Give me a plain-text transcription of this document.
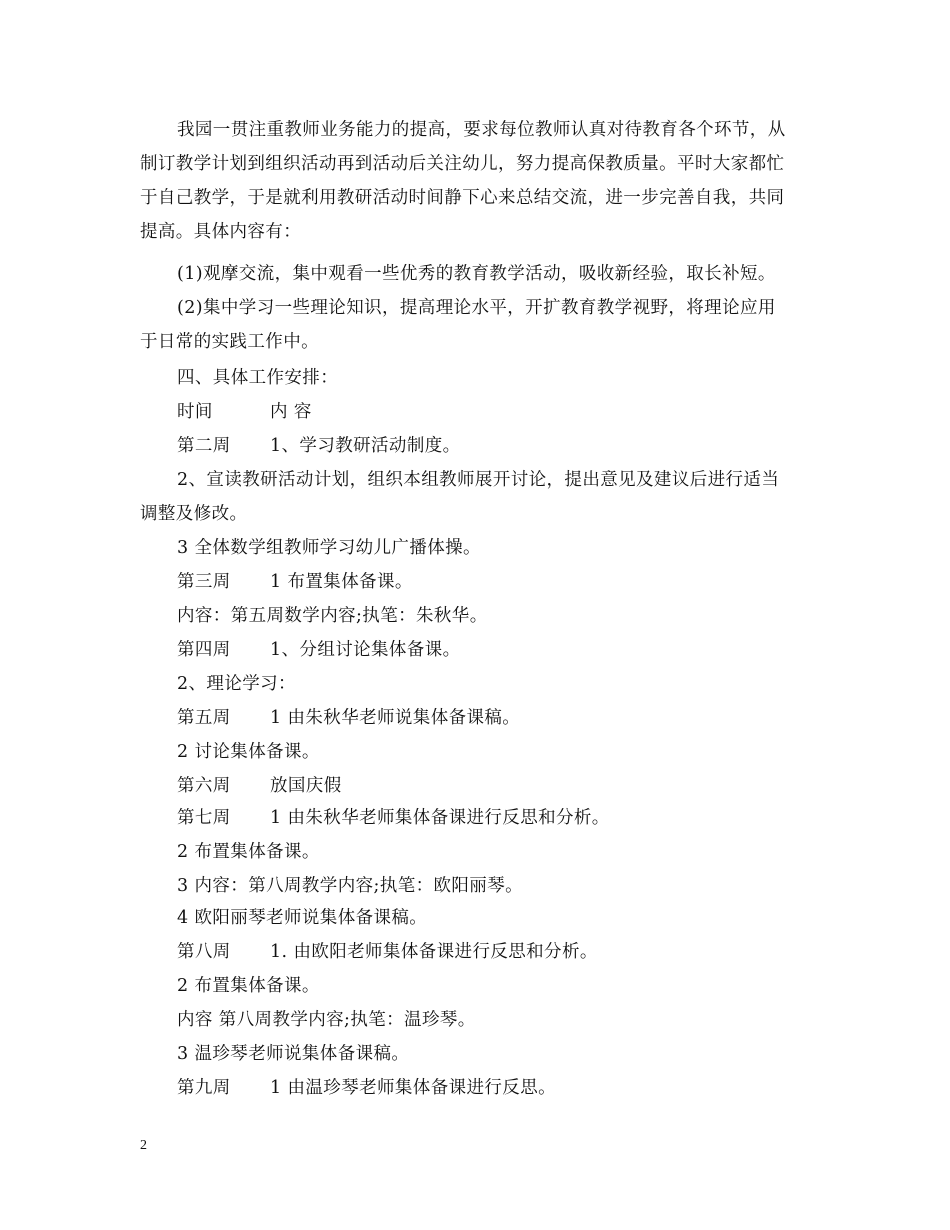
我园一贯注重教师业务能力的提高，要求每位教师认真对待教育各个环节，从
制订教学计划到组织活动再到活动后关注幼儿，努力提高保教质量。平时大家都忙
于自己教学，于是就利用教研活动时间静下心来总结交流，进一步完善自我，共同
提高。具体内容有：
(1)观摩交流，集中观看一些优秀的教育教学活动，吸收新经验，取长补短。
(2)集中学习一些理论知识，提高理论水平，开扩教育教学视野，将理论应用
于日常的实践工作中。
四、具体工作安排：
时间	内 容
第二周 1、学习教研活动制度。
2、宣读教研活动计划，组织本组教师展开讨论，提出意见及建议后进行适当
调整及修改。
3 全体数学组教师学习幼儿广播体操。
第三周 1 布置集体备课。
内容：第五周数学内容;执笔：朱秋华。
第四周 1、分组讨论集体备课。
2、理论学习：
第五周 1 由朱秋华老师说集体备课稿。
2 讨论集体备课。
第六周 放国庆假
第七周 1 由朱秋华老师集体备课进行反思和分析。
2 布置集体备课。
3 内容：第八周教学内容;执笔：欧阳丽琴。
4 欧阳丽琴老师说集体备课稿。
第八周 1. 由欧阳老师集体备课进行反思和分析。
2 布置集体备课。
内容 第八周教学内容;执笔：温珍琴。
3 温珍琴老师说集体备课稿。
第九周 1 由温珍琴老师集体备课进行反思。
2
